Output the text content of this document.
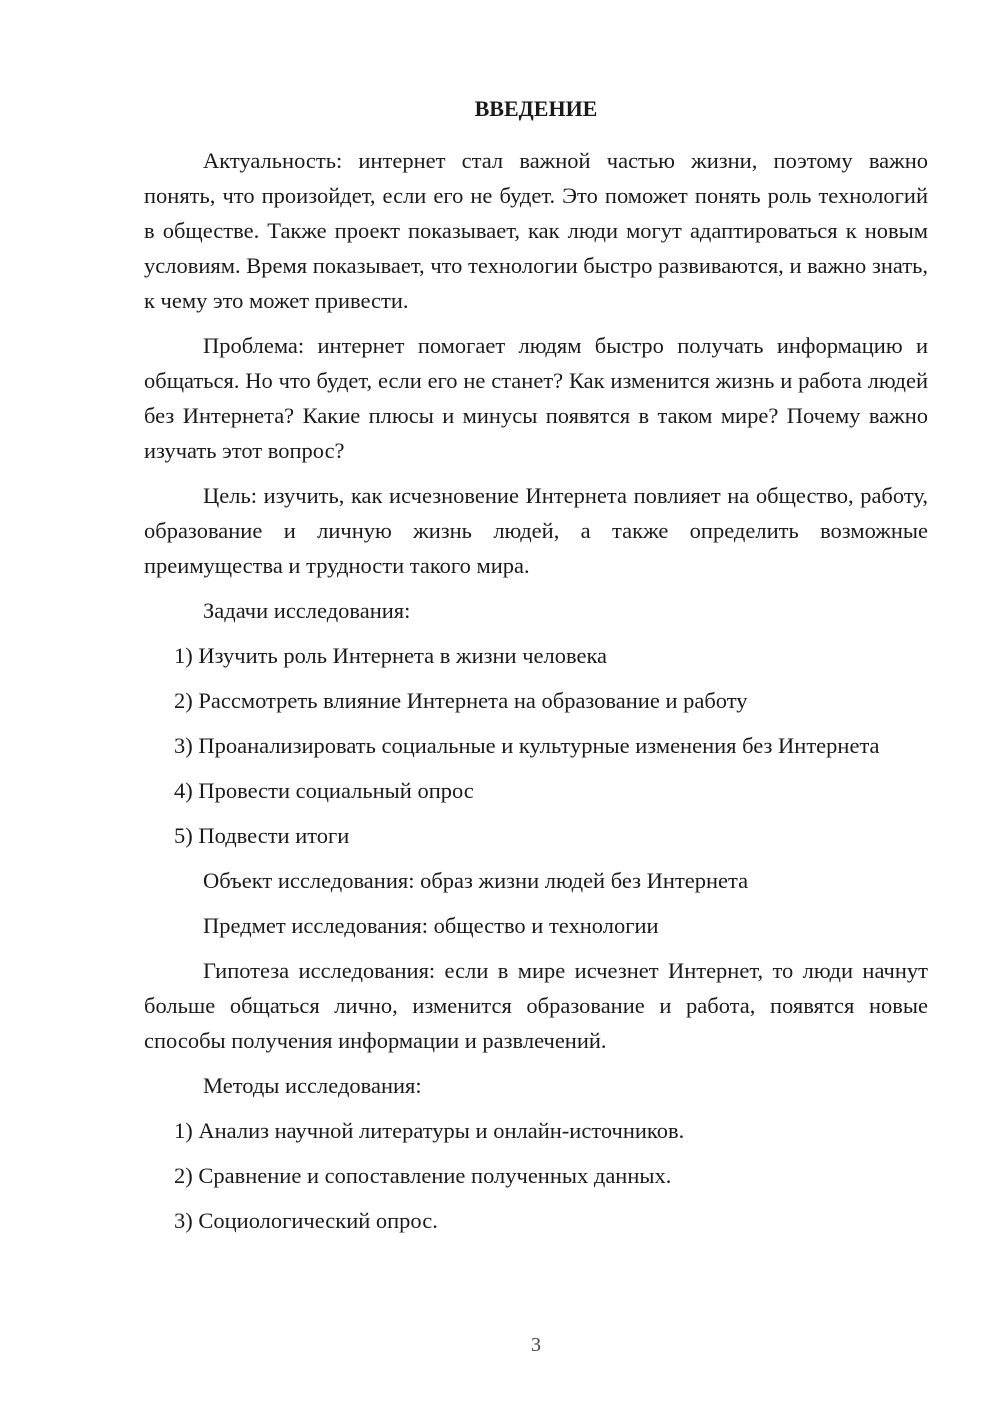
ВВЕДЕНИЕ

Актуальность: интернет стал важной частью жизни, поэтому важно понять, что произойдет, если его не будет. Это поможет понять роль технологий в обществе. Также проект показывает, как люди могут адаптироваться к новым условиям. Время показывает, что технологии быстро развиваются, и важно знать, к чему это может привести.

Проблема: интернет помогает людям быстро получать информацию и общаться. Но что будет, если его не станет? Как изменится жизнь и работа людей без Интернета? Какие плюсы и минусы появятся в таком мире? Почему важно изучать этот вопрос?

Цель: изучить, как исчезновение Интернета повлияет на общество, работу, образование и личную жизнь людей, а также определить возможные преимущества и трудности такого мира.

Задачи исследования:

1) Изучить роль Интернета в жизни человека

2) Рассмотреть влияние Интернета на образование и работу

3) Проанализировать социальные и культурные изменения без Интернета

4) Провести социальный опрос

5) Подвести итоги

Объект исследования: образ жизни людей без Интернета

Предмет исследования: общество и технологии

Гипотеза исследования: если в мире исчезнет Интернет, то люди начнут больше общаться лично, изменится образование и работа, появятся новые способы получения информации и развлечений.

Методы исследования:

1) Анализ научной литературы и онлайн-источников.

2) Сравнение и сопоставление полученных данных.

3) Социологический опрос.

3
